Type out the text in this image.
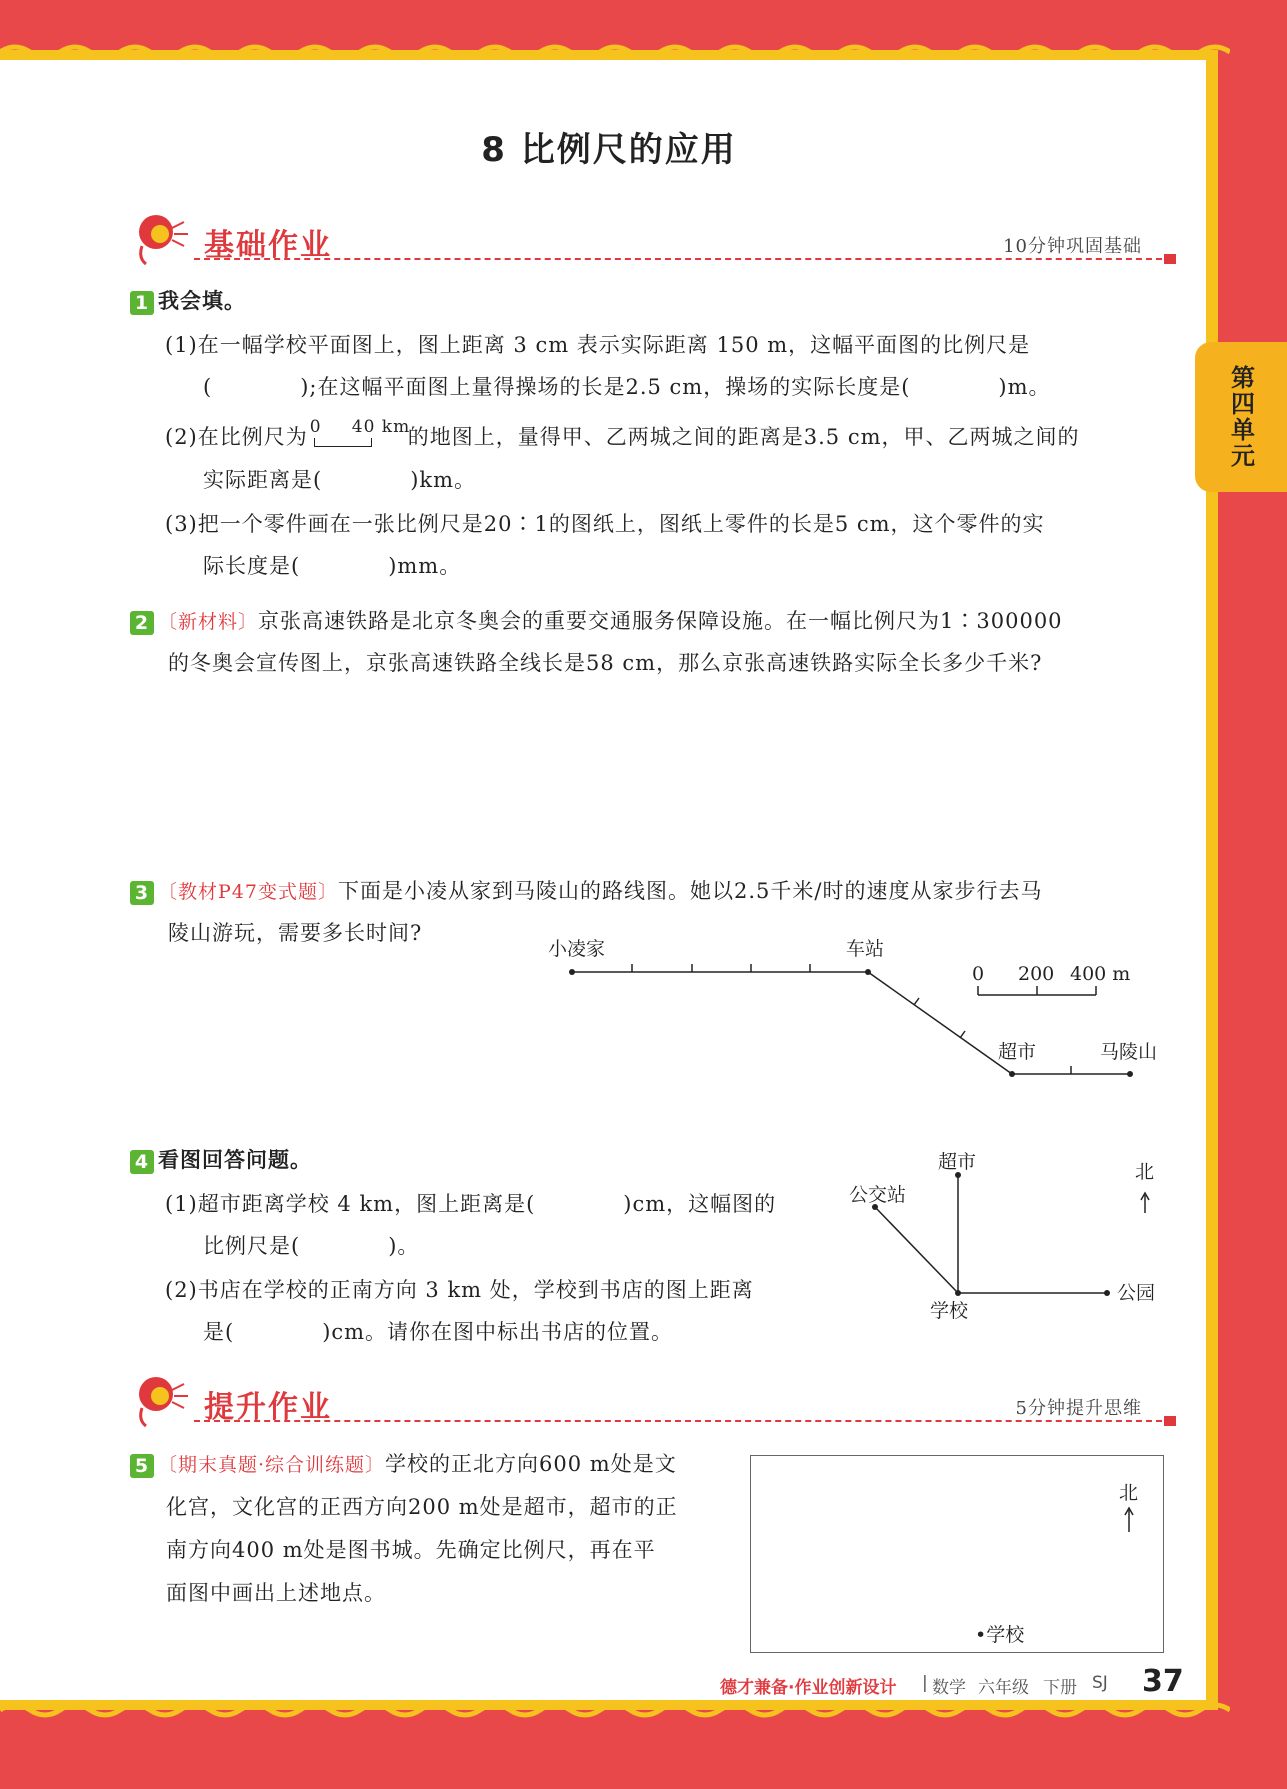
第四单元
8 比例尺的应用
基础作业	10分钟巩固基础
1 我会填。
(1)在一幅学校平面图上，图上距离 3 cm 表示实际距离 150 m，这幅平面图的比例尺是
(　　　　);在这幅平面图上量得操场的长是2.5 cm，操场的实际长度是(　　　　)m。
(2)在比例尺为 0 40 km
的地图上，量得甲、乙两城之间的距离是3.5 cm，甲、乙两城之间的
实际距离是(　　　　)km。
(3)把一个零件画在一张比例尺是20∶1的图纸上，图纸上零件的长是5 cm，这个零件的实
际长度是(　　　　)mm。
2 〔新材料〕京张高速铁路是北京冬奥会的重要交通服务保障设施。在一幅比例尺为1∶300000
的冬奥会宣传图上，京张高速铁路全线长是58 cm，那么京张高速铁路实际全长多少千米?
3 〔教材P47变式题〕下面是小凌从家到马陵山的路线图。她以2.5千米/时的速度从家步行去马
陵山游玩，需要多长时间?
小凌家	车站
超市	马陵山
0 200 400 m
4 看图回答问题。
(1)超市距离学校 4 km，图上距离是(　　　　)cm，这幅图的
比例尺是(　　　　)。
(2)书店在学校的正南方向 3 km 处，学校到书店的图上距离
是(　　　　)cm。请你在图中标出书店的位置。
超市
公交站
北
学校
公园
提升作业	5分钟提升思维
5 〔期末真题·综合训练题〕学校的正北方向600 m处是文
化宫，文化宫的正西方向200 m处是超市，超市的正
南方向400 m处是图书城。先确定比例尺，再在平
面图中画出上述地点。
北
•学校
德才兼备·作业创新设计 | 数学 六年级 下册 SJ 37
